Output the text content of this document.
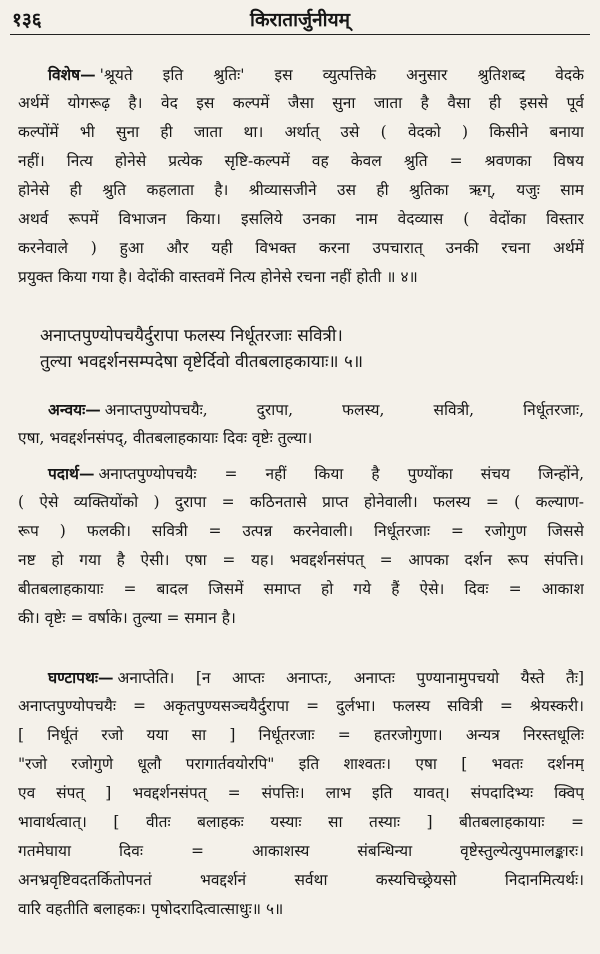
१३६	किरातार्जुनीयम्
विशेष— 'श्रूयते इति श्रुतिः' इस व्युत्पत्तिके अनुसार श्रुतिशब्द वेदके
अर्थमें योगरूढ़ है। वेद इस कल्पमें जैसा सुना जाता है वैसा ही इससे पूर्व
कल्पोंमें भी सुना ही जाता था। अर्थात् उसे ( वेदको ) किसीने बनाया
नहीं। नित्य होनेसे प्रत्येक सृष्टि-कल्पमें वह केवल श्रुति = श्रवणका विषय
होनेसे ही श्रुति कहलाता है। श्रीव्यासजीने उस ही श्रुतिका ऋग्, यजुः साम
अथर्व रूपमें विभाजन किया। इसलिये उनका नाम वेदव्यास ( वेदोंका विस्तार
करनेवाले ) हुआ और यही विभक्त करना उपचारात् उनकी रचना अर्थमें
प्रयुक्त किया गया है। वेदोंकी वास्तवमें नित्य होनेसे रचना नहीं होती ॥ ४॥
अनाप्तपुण्योपचयैर्दुरापा फलस्य निर्धूतरजाः सवित्री।
तुल्या भवद्दर्शनसम्पदेषा वृष्टेर्दिवो वीतबलाहकायाः॥ ५॥
अन्वयः— अनाप्तपुण्योपचयैः, दुरापा, फलस्य, सवित्री, निर्धूतरजाः,
एषा, भवद्दर्शनसंपद्, वीतबलाहकायाः दिवः वृष्टेः तुल्या।
पदार्थ— अनाप्तपुण्योपचयैः = नहीं किया है पुण्योंका संचय जिन्होंने,
( ऐसे व्यक्तियोंको ) दुरापा = कठिनतासे प्राप्त होनेवाली। फलस्य = ( कल्याण-
रूप ) फलकी। सवित्री = उत्पन्न करनेवाली। निर्धूतरजाः = रजोगुण जिससे
नष्ट हो गया है ऐसी। एषा = यह। भवद्दर्शनसंपत् = आपका दर्शन रूप संपत्ति।
बीतबलाहकायाः = बादल जिसमें समाप्त हो गये हैं ऐसे। दिवः = आकाश
की। वृष्टेः = वर्षाके। तुल्या = समान है।
घण्टापथः— अनाप्तेति। [न आप्तः अनाप्तः, अनाप्तः पुण्यानामुपचयो यैस्ते तैः]
अनाप्तपुण्योपचयैः = अकृतपुण्यसञ्चयैर्दुरापा = दुर्लभा। फलस्य सवित्री = श्रेयस्करी।
[ निर्धूतं रजो यया सा ] निर्धूतरजाः = हतरजोगुणा। अन्यत्र निरस्तधूलिः
"रजो रजोगुणे धूलौ परागार्तवयोरपि" इति शाश्वतः। एषा [ भवतः दर्शनम्
एव संपत् ] भवद्दर्शनसंपत् = संपत्तिः। लाभ इति यावत्। संपदादिभ्यः क्विप्
भावार्थत्वात्। [ वीतः बलाहकः यस्याः सा तस्याः ] बीतबलाहकायाः =
गतमेघाया दिवः = आकाशस्य संबन्धिन्या वृष्टेस्तुल्येत्युपमालङ्कारः।
अनभ्रवृष्टिवदतर्कितोपनतं भवद्दर्शनं सर्वथा कस्यचिच्छ्रेयसो निदानमित्यर्थः।
वारि वहतीति बलाहकः। पृषोदरादित्वात्साधुः॥ ५॥
